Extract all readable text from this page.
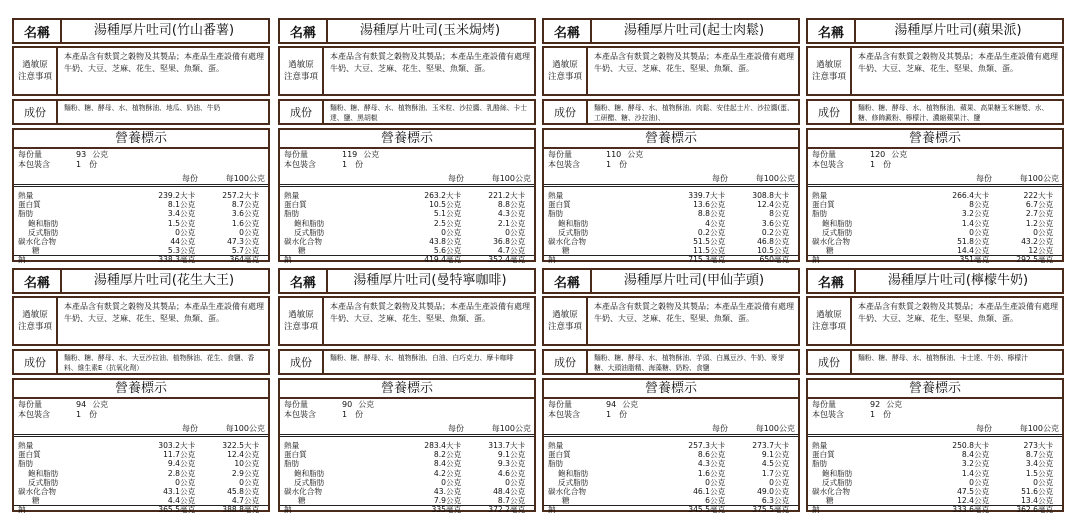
名稱	湯種厚片吐司(竹山番薯)
過敏原
注意事項
本產品含有麩質之穀物及其製品；本產品生產設備有處理牛奶、大豆、芝麻、花生、堅果、魚類、蛋。
成份	麵粉、糖、酵母、水、植物酥油、地瓜、奶油、牛奶
營養標示
每份量	93 公克
本包裝含	1　份
每份	每100公克
熱量	239.2 大卡	257.2 大卡
蛋白質	8.1 公克	8.7 公克
脂肪	3.4 公克	3.6 公克
飽和脂肪	1.5 公克	1.6 公克
反式脂肪	0 公克	0 公克
碳水化合物	44 公克	47.3 公克
糖	5.3 公克	5.7 公克
鈉	338.3 毫克	364 毫克
名稱	湯種厚片吐司(玉米焗烤)
過敏原
注意事項
本產品含有麩質之穀物及其製品；本產品生產設備有處理牛奶、大豆、芝麻、花生、堅果、魚類、蛋。
成份	麵粉、糖、酵母、水、植物酥油、玉米粒、沙拉醬、乳酪絲、卡士達、鹽、黑胡椒
營養標示
每份量	119 公克
本包裝含	1　份
每份	每100公克
熱量	263.2 大卡	221.2 大卡
蛋白質	10.5 公克	8.8 公克
脂肪	5.1 公克	4.3 公克
飽和脂肪	2.5 公克	2.1 公克
反式脂肪	0 公克	0 公克
碳水化合物	43.8 公克	36.8 公克
糖	5.6 公克	4.7 公克
鈉	419.4 毫克	352.4 毫克
名稱	湯種厚片吐司(起士肉鬆)
過敏原
注意事項
本產品含有麩質之穀物及其製品；本產品生產設備有處理牛奶、大豆、芝麻、花生、堅果、魚類、蛋。
成份	麵粉、糖、酵母、水、植物酥油、肉鬆、安佳起士片、沙拉醬(蛋、工研醋、糖、沙拉油)、
營養標示
每份量	110 公克
本包裝含	1　份
每份	每100公克
熱量	339.7 大卡	308.8 大卡
蛋白質	13.6 公克	12.4 公克
脂肪	8.8 公克	8 公克
飽和脂肪	4 公克	3.6 公克
反式脂肪	0.2 公克	0.2 公克
碳水化合物	51.5 公克	46.8 公克
糖	11.5 公克	10.5 公克
鈉	715.3 毫克	650 毫克
名稱	湯種厚片吐司(蘋果派)
過敏原
注意事項
本產品含有麩質之穀物及其製品；本產品生產設備有處理牛奶、大豆、芝麻、花生、堅果、魚類、蛋。
成份	麵粉、糖、酵母、水、植物酥油、蘋果、高果糖玉米糖漿、水、糖、修飾澱粉、檸檬汁、濃縮蘋果汁、鹽
營養標示
每份量	120 公克
本包裝含	1　份
每份	每100公克
熱量	266.4 大卡	222 大卡
蛋白質	8 公克	6.7 公克
脂肪	3.2 公克	2.7 公克
飽和脂肪	1.4 公克	1.2 公克
反式脂肪	0 公克	0 公克
碳水化合物	51.8 公克	43.2 公克
糖	14.4 公克	12 公克
鈉	351 毫克	292.5 毫克
名稱	湯種厚片吐司(花生大王)
過敏原
注意事項
本產品含有麩質之穀物及其製品；本產品生產設備有處理牛奶、大豆、芝麻、花生、堅果、魚類、蛋。
成份	麵粉、糖、酵母、水、大豆沙拉油、植物酥油、花生、食鹽、香料、維生素E（抗氧化劑）
營養標示
每份量	94 公克
本包裝含	1　份
每份	每100公克
熱量	303.2 大卡	322.5 大卡
蛋白質	11.7 公克	12.4 公克
脂肪	9.4 公克	10 公克
飽和脂肪	2.8 公克	2.9 公克
反式脂肪	0 公克	0 公克
碳水化合物	43.1 公克	45.8 公克
糖	4.4 公克	4.7 公克
鈉	365.5 毫克	388.8 毫克
名稱	湯種厚片吐司(曼特寧咖啡)
過敏原
注意事項
本產品含有麩質之穀物及其製品；本產品生產設備有處理牛奶、大豆、芝麻、花生、堅果、魚類、蛋。
成份	麵粉、糖、酵母、水、植物酥油、白油、白巧克力、摩卡咖啡
營養標示
每份量	90 公克
本包裝含	1　份
每份	每100公克
熱量	283.4 大卡	313.7 大卡
蛋白質	8.2 公克	9.1 公克
脂肪	8.4 公克	9.3 公克
飽和脂肪	4.2 公克	4.6 公克
反式脂肪	0 公克	0 公克
碳水化合物	43. 公克	48.4 公克
糖	7.9 公克	8.7 公克
鈉	335 毫克	372.2 毫克
名稱	湯種厚片吐司(甲仙芋頭)
過敏原
注意事項
本產品含有麩質之穀物及其製品；本產品生產設備有處理牛奶、大豆、芝麻、花生、堅果、魚類、蛋。
成份	麵粉、糖、酵母、水、植物酥油、芋頭、白鳳豆沙、牛奶、麥芽糖、大頭油脂精、海藻糖、奶粉、食鹽
營養標示
每份量	94 公克
本包裝含	1　份
每份	每100公克
熱量	257.3 大卡	273.7 大卡
蛋白質	8.6 公克	9.1 公克
脂肪	4.3 公克	4.5 公克
飽和脂肪	1.6 公克	1.7 公克
反式脂肪	0 公克	0 公克
碳水化合物	46.1 公克	49.0 公克
糖	6 公克	6.3 公克
鈉	345.5 毫克	375.5 毫克
名稱	湯種厚片吐司(檸檬牛奶)
過敏原
注意事項
本產品含有麩質之穀物及其製品；本產品生產設備有處理牛奶、大豆、芝麻、花生、堅果、魚類、蛋。
成份	麵粉、糖、酵母、水、植物酥油、卡士達、牛奶、檸檬汁
營養標示
每份量	92 公克
本包裝含	1　份
每份	每100公克
熱量	250.8 大卡	273 大卡
蛋白質	8.4 公克	8.7 公克
脂肪	3.2 公克	3.4 公克
飽和脂肪	1.4 公克	1.5 公克
反式脂肪	0 公克	0 公克
碳水化合物	47.5 公克	51.6 公克
糖	12.4 公克	13.4 公克
鈉	333.6 毫克	362.6 毫克
